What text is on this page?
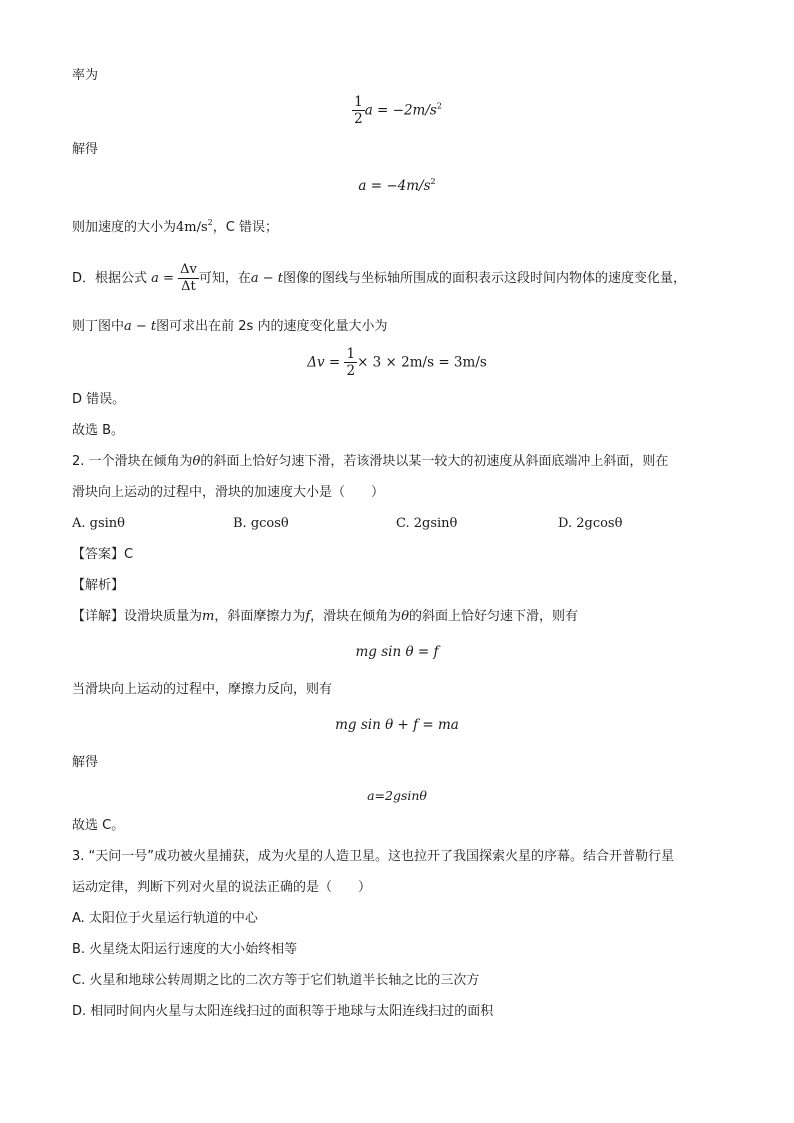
率为
$\frac{1}{2}$ $a = -2m/s^2$
解得
$a = -4m/s^2$
则加速度的大小为$4m/s^2$，C 错误；
D．根据公式 $a = \frac{\Delta v}{\Delta t}$ 可知，在a − t图像的图线与坐标轴所围成的面积表示这段时间内物体的速度变化量，
则丁图中a − t图可求出在前 2s 内的速度变化量大小为
$\Delta v = \frac{1}{2} \times 3 \times 2m/s = 3m/s$
D 错误。
故选 B。
2. 一个滑块在倾角为θ的斜面上恰好匀速下滑，若该滑块以某一较大的初速度从斜面底端冲上斜面，则在
滑块向上运动的过程中，滑块的加速度大小是（　　）
A. gsinθ	B. gcosθ	C. 2gsinθ	D. 2gcosθ
【答案】C
【解析】
【详解】设滑块质量为m，斜面摩擦力为f，滑块在倾角为θ的斜面上恰好匀速下滑，则有
mg sin θ = f
当滑块向上运动的过程中，摩擦力反向，则有
mg sin θ + f = ma
解得
a=2gsinθ
故选 C。
3. “天问一号”成功被火星捕获，成为火星的人造卫星。这也拉开了我国探索火星的序幕。结合开普勒行星
运动定律，判断下列对火星的说法正确的是（　　）
A. 太阳位于火星运行轨道的中心
B. 火星绕太阳运行速度的大小始终相等
C. 火星和地球公转周期之比的二次方等于它们轨道半长轴之比的三次方
D. 相同时间内火星与太阳连线扫过的面积等于地球与太阳连线扫过的面积
